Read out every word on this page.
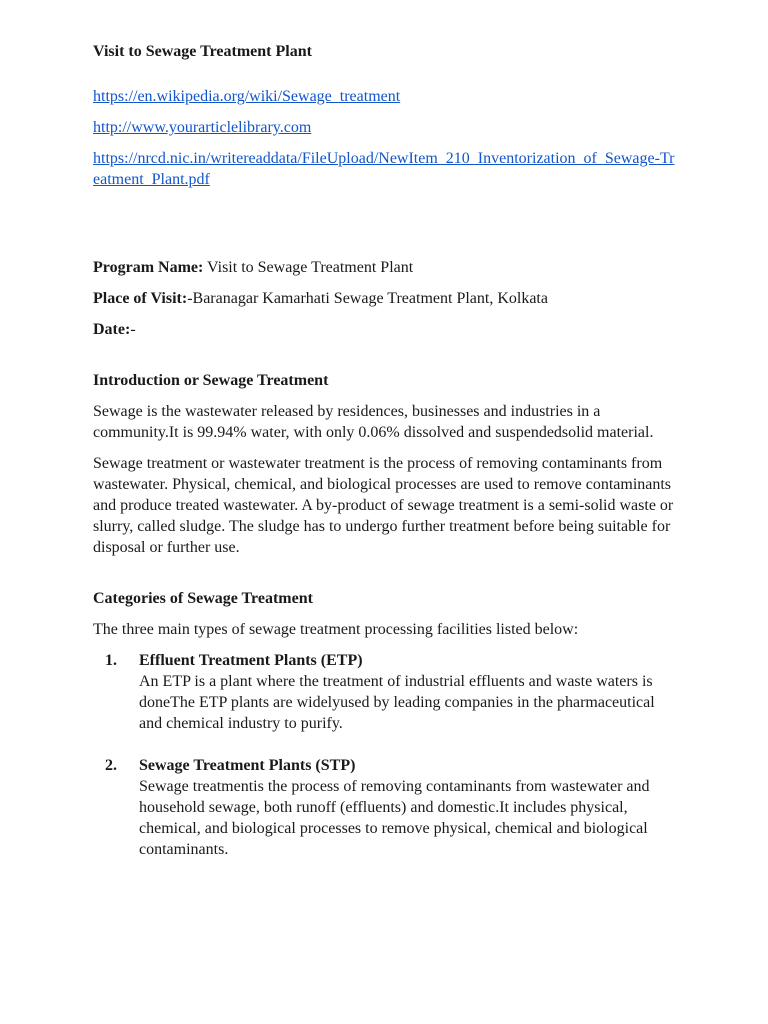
Visit to Sewage Treatment Plant
https://en.wikipedia.org/wiki/Sewage_treatment
http://www.yourarticlelibrary.com
https://nrcd.nic.in/writereaddata/FileUpload/NewItem_210_Inventorization_of_Sewage-Treatment_Plant.pdf
Program Name: Visit to Sewage Treatment Plant
Place of Visit:-Baranagar Kamarhati Sewage Treatment Plant, Kolkata
Date:-
Introduction or Sewage Treatment
Sewage is the wastewater released by residences, businesses and industries in a community.It is 99.94% water, with only 0.06% dissolved and suspendedsolid material.
Sewage treatment or wastewater treatment is the process of removing contaminants from wastewater. Physical, chemical, and biological processes are used to remove contaminants and produce treated wastewater. A by-product of sewage treatment is a semi-solid waste or slurry, called sludge. The sludge has to undergo further treatment before being suitable for disposal or further use.
Categories of Sewage Treatment
The three main types of sewage treatment processing facilities listed below:
1. Effluent Treatment Plants (ETP)
An ETP is a plant where the treatment of industrial effluents and waste waters is doneThe ETP plants are widelyused by leading companies in the pharmaceutical and chemical industry to purify.
2. Sewage Treatment Plants (STP)
Sewage treatmentis the process of removing contaminants from wastewater and household sewage, both runoff (effluents) and domestic.It includes physical, chemical, and biological processes to remove physical, chemical and biological contaminants.
